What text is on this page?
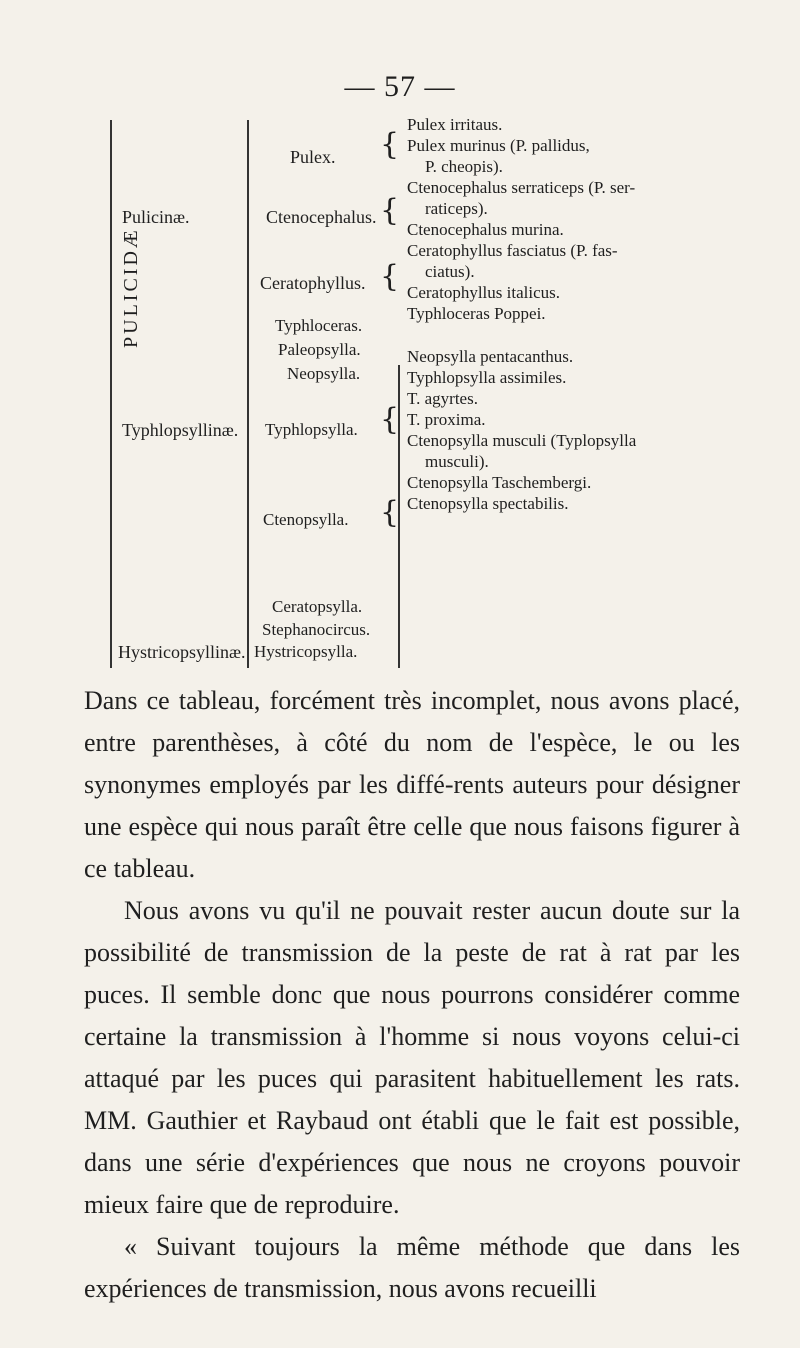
— 57 —
PULICIDÆ
Pulicinæ.
Typhlopsyllinæ.
Hystricopsyllinæ.
Pulex.
Ctenocephalus.
Ceratophyllus.
Typhloceras.
Paleopsylla.
Neopsylla.
Typhlopsylla.
Ctenopsylla.
Ceratopsylla.
Stephanocircus.
Hystricopsylla.
{
{
{
{
{
Pulex irritaus.
Pulex murinus (P. pallidus,
P. cheopis).
Ctenocephalus serraticeps (P. ser-
raticeps).
Ctenocephalus murina.
Ceratophyllus fasciatus (P. fas-
ciatus).
Ceratophyllus italicus.
Typhloceras Poppei.
Neopsylla pentacanthus.
Typhlopsylla assimiles.
T. agyrtes.
T. proxima.
Ctenopsylla musculi (Typlopsylla
musculi).
Ctenopsylla Taschembergi.
Ctenopsylla spectabilis.

Dans ce tableau, forcément très incomplet, nous avons placé, entre parenthèses, à côté du nom de l'espèce, le ou les synonymes employés par les diffé-rents auteurs pour désigner une espèce qui nous paraît être celle que nous faisons figurer à ce tableau.

Nous avons vu qu'il ne pouvait rester aucun doute sur la possibilité de transmission de la peste de rat à rat par les puces. Il semble donc que nous pourrons considérer comme certaine la transmission à l'homme si nous voyons celui-ci attaqué par les puces qui parasitent habituellement les rats. MM. Gauthier et Raybaud ont établi que le fait est possible, dans une série d'expériences que nous ne croyons pouvoir mieux faire que de reproduire.

« Suivant toujours la même méthode que dans les expériences de transmission, nous avons recueilli
